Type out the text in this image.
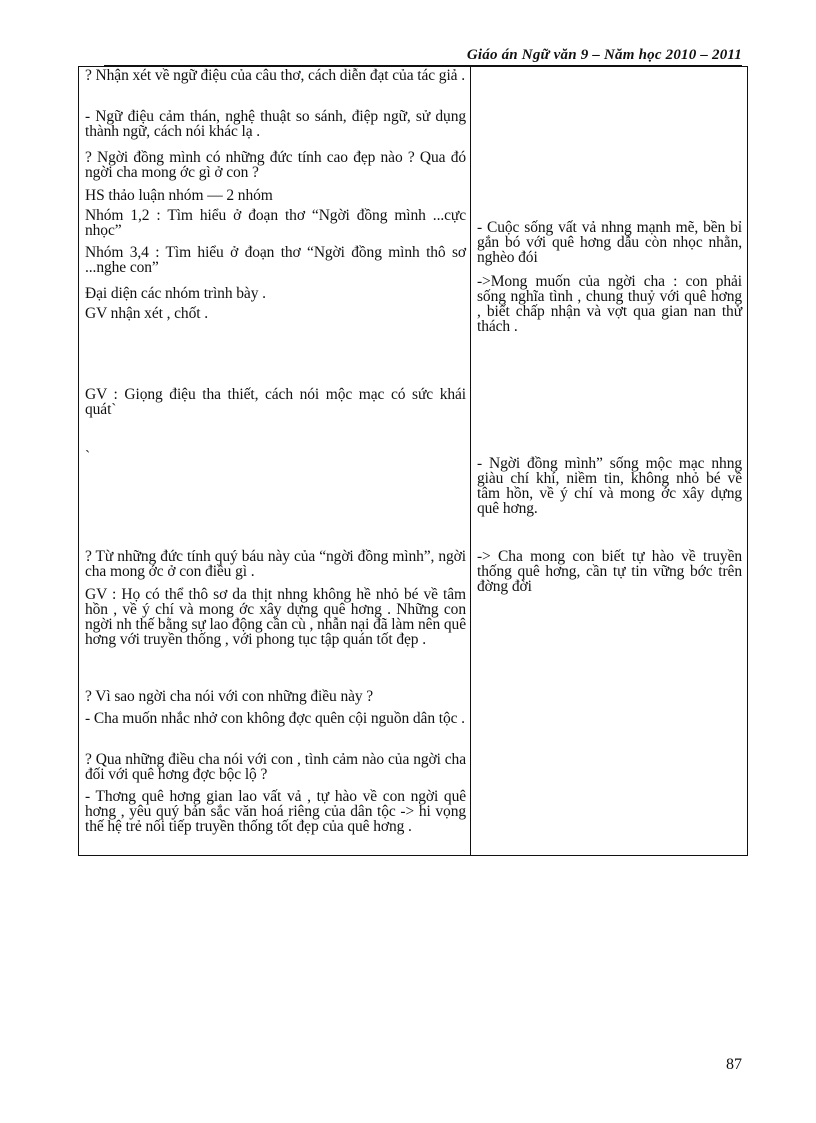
Giáo án Ngữ văn 9 – Năm học 2010 – 2011

? Nhận xét về ngữ điệu của câu thơ, cách diễn đạt của tác giả .

- Ngữ điệu cảm thán, nghệ thuật so sánh, điệp ngữ, sử dụng thành ngữ, cách nói khác lạ .

? Ngời đồng mình có những đức tính cao đẹp nào ? Qua đó ngời cha mong ớc gì ở con ?

HS thảo luận nhóm — 2 nhóm

Nhóm 1,2 : Tìm hiểu ở đoạn thơ “Ngời đồng mình ...cực nhọc”

Nhóm 3,4 : Tìm hiểu ở đoạn thơ “Ngời đồng mình thô sơ ...nghe con”

Đại diện các nhóm trình bày .

GV nhận xét , chốt .

GV : Giọng điệu tha thiết, cách nói mộc mạc có sức khái quát`

`

? Từ những đức tính quý báu này của “ngời đồng mình”, ngời cha mong ớc ở con điều gì .

GV : Họ có thể thô sơ da thịt nhng không hề nhỏ bé về tâm hồn , về ý chí và mong ớc xây dựng quê hơng . Những con ngời nh thế bằng sự lao động cần cù , nhẫn nại đã làm nên quê hơng với truyền thống , với phong tục tập quán tốt đẹp .

? Vì sao ngời cha nói với con những điều này ?

- Cha muốn nhắc nhở con không đợc quên cội nguồn dân tộc .

? Qua những điều cha nói với con , tình cảm nào của ngời cha đối với quê hơng đợc bộc lộ ?

- Thơng quê hơng gian lao vất vả , tự hào về con ngời quê hơng , yêu quý bản sắc văn hoá riêng của dân tộc -> hi vọng thế hệ trẻ nối tiếp truyền thống tốt đẹp của quê hơng .

- Cuộc sống vất vả nhng mạnh mẽ, bền bỉ gắn bó với quê hơng dẫu còn nhọc nhằn, nghèo đói

->Mong muốn của ngời cha : con phải sống nghĩa tình , chung thuỷ với quê hơng , biết chấp nhận và vợt qua gian nan thử thách .

- Ngời đồng mình” sống mộc mạc nhng giàu chí khí, niềm tin, không nhỏ bé về tâm hồn, về ý chí và mong ớc xây dựng quê hơng.

-> Cha mong con biết tự hào về truyền thống quê hơng, cần tự tin vững bớc trên đờng đời

87
